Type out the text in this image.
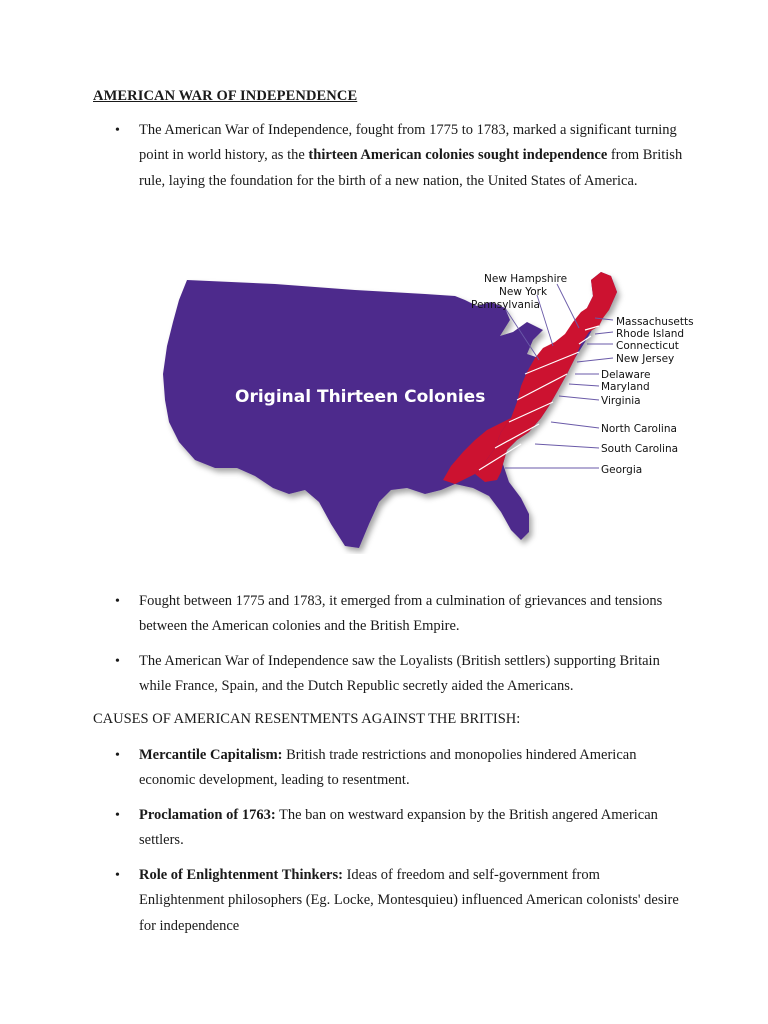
AMERICAN WAR OF INDEPENDENCE
• The American War of Independence, fought from 1775 to 1783, marked a significant turning point in world history, as the thirteen American colonies sought independence from British rule, laying the foundation for the birth of a new nation, the United States of America.
Original Thirteen Colonies
New Hampshire
New York
Pennsylvania
Massachusetts
Rhode Island
Connecticut
New Jersey
Delaware
Maryland
Virginia
North Carolina
South Carolina
Georgia
• Fought between 1775 and 1783, it emerged from a culmination of grievances and tensions between the American colonies and the British Empire.
• The American War of Independence saw the Loyalists (British settlers) supporting Britain while France, Spain, and the Dutch Republic secretly aided the Americans.
CAUSES OF AMERICAN RESENTMENTS AGAINST THE BRITISH:
• Mercantile Capitalism: British trade restrictions and monopolies hindered American economic development, leading to resentment.
• Proclamation of 1763: The ban on westward expansion by the British angered American settlers.
• Role of Enlightenment Thinkers: Ideas of freedom and self-government from Enlightenment philosophers (Eg. Locke, Montesquieu) influenced American colonists' desire for independence
